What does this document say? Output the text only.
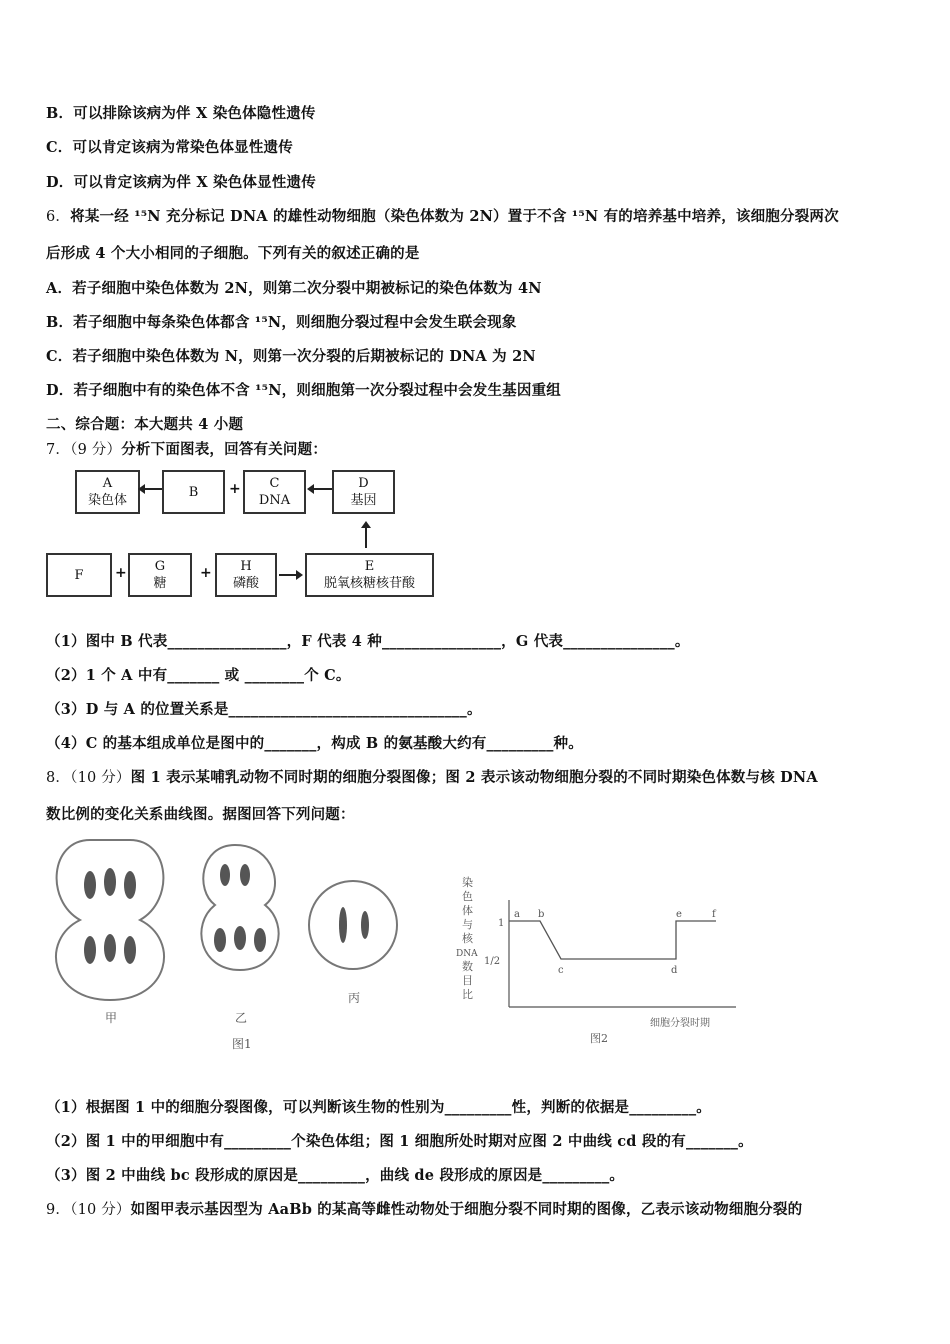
B．可以排除该病为伴 X 染色体隐性遗传
C．可以肯定该病为常染色体显性遗传
D．可以肯定该病为伴 X 染色体显性遗传
6．将某一经 ¹⁵N 充分标记 DNA 的雄性动物细胞（染色体数为 2N）置于不含 ¹⁵N 有的培养基中培养，该细胞分裂两次
后形成 4 个大小相同的子细胞。下列有关的叙述正确的是
A．若子细胞中染色体数为 2N，则第二次分裂中期被标记的染色体数为 4N
B．若子细胞中每条染色体都含 ¹⁵N，则细胞分裂过程中会发生联会现象
C．若子细胞中染色体数为 N，则第一次分裂的后期被标记的 DNA 为 2N
D．若子细胞中有的染色体不含 ¹⁵N，则细胞第一次分裂过程中会发生基因重组
二、综合题：本大题共 4 小题
7．（9 分）分析下面图表，回答有关问题：
A
染色体
B	+	C
DNA
D
基因
F	+	G
糖
+	H
磷酸
E
脱氧核糖核苷酸
（1）图中 B 代表________________，F 代表 4 种________________，G 代表_______________。
（2）1 个 A 中有_______ 或 ________个 C。
（3）D 与 A 的位置关系是________________________________。
（4）C 的基本组成单位是图中的_______，构成 B 的氨基酸大约有_________种。
8．（10 分）图 1 表示某哺乳动物不同时期的细胞分裂图像；图 2 表示该动物细胞分裂的不同时期染色体数与核 DNA
数比例的变化关系曲线图。据图回答下列问题：
甲	乙
丙
图1
染
色
体
与
核
DNA
数
目
比
1
1/2
a b
c	d
e	f
细胞分裂时期
图2
（1）根据图 1 中的细胞分裂图像，可以判断该生物的性别为_________性，判断的依据是_________。
（2）图 1 中的甲细胞中有_________个染色体组；图 1 细胞所处时期对应图 2 中曲线 cd 段的有_______。
（3）图 2 中曲线 bc 段形成的原因是_________，曲线 de 段形成的原因是_________。
9．（10 分）如图甲表示基因型为 AaBb 的某高等雌性动物处于细胞分裂不同时期的图像，乙表示该动物细胞分裂的
